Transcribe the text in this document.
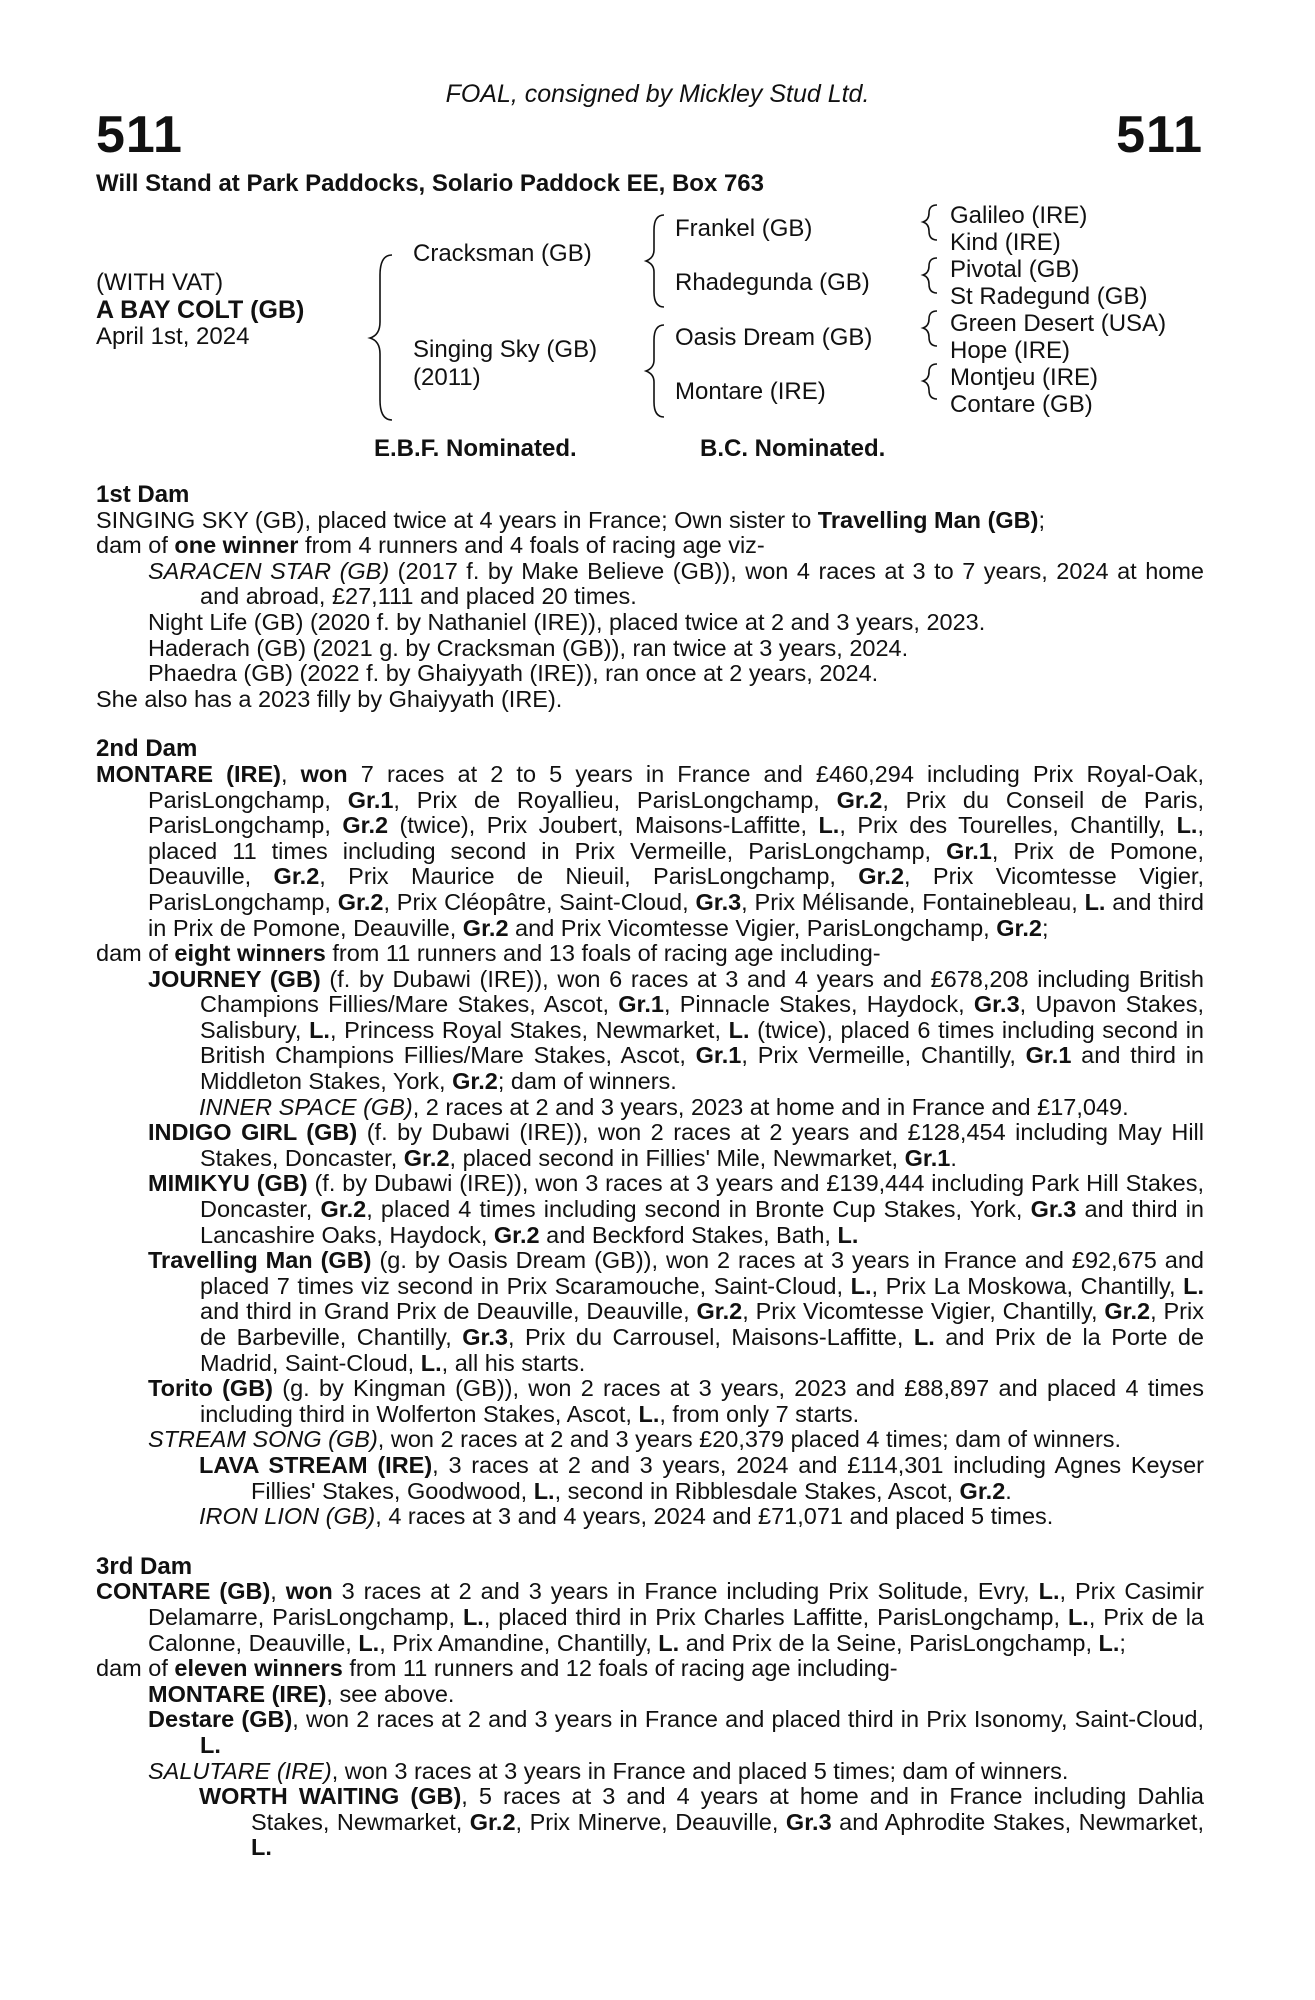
FOAL, consigned by Mickley Stud Ltd.
511	511
Will Stand at Park Paddocks, Solario Paddock EE, Box 763
(WITH VAT)
A BAY COLT (GB)
April 1st, 2024
Cracksman (GB)
Singing Sky (GB)
(2011)
Frankel (GB)
Rhadegunda (GB)
Oasis Dream (GB)
Montare (IRE)
Galileo (IRE)
Kind (IRE)
Pivotal (GB)
St Radegund (GB)
Green Desert (USA)
Hope (IRE)
Montjeu (IRE)
Contare (GB)
E.B.F. Nominated.	B.C. Nominated.
1st Dam

SINGING SKY (GB), placed twice at 4 years in France; Own sister to Travelling Man (GB);

dam of one winner from 4 runners and 4 foals of racing age viz-

SARACEN STAR (GB) (2017 f. by Make Believe (GB)), won 4 races at 3 to 7 years, 2024 at home and abroad, £27,111 and placed 20 times.

Night Life (GB) (2020 f. by Nathaniel (IRE)), placed twice at 2 and 3 years, 2023.

Haderach (GB) (2021 g. by Cracksman (GB)), ran twice at 3 years, 2024.

Phaedra (GB) (2022 f. by Ghaiyyath (IRE)), ran once at 2 years, 2024.

She also has a 2023 filly by Ghaiyyath (IRE).

2nd Dam

MONTARE (IRE), won 7 races at 2 to 5 years in France and £460,294 including Prix Royal-Oak, ParisLongchamp, Gr.1, Prix de Royallieu, ParisLongchamp, Gr.2, Prix du Conseil de Paris, ParisLongchamp, Gr.2 (twice), Prix Joubert, Maisons-Laffitte, L., Prix des Tourelles, Chantilly, L., placed 11 times including second in Prix Vermeille, ParisLongchamp, Gr.1, Prix de Pomone, Deauville, Gr.2, Prix Maurice de Nieuil, ParisLongchamp, Gr.2, Prix Vicomtesse Vigier, ParisLongchamp, Gr.2, Prix Cléopâtre, Saint-Cloud, Gr.3, Prix Mélisande, Fontainebleau, L. and third in Prix de Pomone, Deauville, Gr.2 and Prix Vicomtesse Vigier, ParisLongchamp, Gr.2;

dam of eight winners from 11 runners and 13 foals of racing age including-

JOURNEY (GB) (f. by Dubawi (IRE)), won 6 races at 3 and 4 years and £678,208 including British Champions Fillies/Mare Stakes, Ascot, Gr.1, Pinnacle Stakes, Haydock, Gr.3, Upavon Stakes, Salisbury, L., Princess Royal Stakes, Newmarket, L. (twice), placed 6 times including second in British Champions Fillies/Mare Stakes, Ascot, Gr.1, Prix Vermeille, Chantilly, Gr.1 and third in Middleton Stakes, York, Gr.2; dam of winners.

INNER SPACE (GB), 2 races at 2 and 3 years, 2023 at home and in France and £17,049.

INDIGO GIRL (GB) (f. by Dubawi (IRE)), won 2 races at 2 years and £128,454 including May Hill Stakes, Doncaster, Gr.2, placed second in Fillies' Mile, Newmarket, Gr.1.

MIMIKYU (GB) (f. by Dubawi (IRE)), won 3 races at 3 years and £139,444 including Park Hill Stakes, Doncaster, Gr.2, placed 4 times including second in Bronte Cup Stakes, York, Gr.3 and third in Lancashire Oaks, Haydock, Gr.2 and Beckford Stakes, Bath, L.

Travelling Man (GB) (g. by Oasis Dream (GB)), won 2 races at 3 years in France and £92,675 and placed 7 times viz second in Prix Scaramouche, Saint-Cloud, L., Prix La Moskowa, Chantilly, L. and third in Grand Prix de Deauville, Deauville, Gr.2, Prix Vicomtesse Vigier, Chantilly, Gr.2, Prix de Barbeville, Chantilly, Gr.3, Prix du Carrousel, Maisons-Laffitte, L. and Prix de la Porte de Madrid, Saint-Cloud, L., all his starts.

Torito (GB) (g. by Kingman (GB)), won 2 races at 3 years, 2023 and £88,897 and placed 4 times including third in Wolferton Stakes, Ascot, L., from only 7 starts.

STREAM SONG (GB), won 2 races at 2 and 3 years £20,379 placed 4 times; dam of winners.

LAVA STREAM (IRE), 3 races at 2 and 3 years, 2024 and £114,301 including Agnes Keyser Fillies' Stakes, Goodwood, L., second in Ribblesdale Stakes, Ascot, Gr.2.

IRON LION (GB), 4 races at 3 and 4 years, 2024 and £71,071 and placed 5 times.

3rd Dam

CONTARE (GB), won 3 races at 2 and 3 years in France including Prix Solitude, Evry, L., Prix Casimir Delamarre, ParisLongchamp, L., placed third in Prix Charles Laffitte, ParisLongchamp, L., Prix de la Calonne, Deauville, L., Prix Amandine, Chantilly, L. and Prix de la Seine, ParisLongchamp, L.;

dam of eleven winners from 11 runners and 12 foals of racing age including-

MONTARE (IRE), see above.

Destare (GB), won 2 races at 2 and 3 years in France and placed third in Prix Isonomy, Saint-Cloud, L.

SALUTARE (IRE), won 3 races at 3 years in France and placed 5 times; dam of winners.

WORTH WAITING (GB), 5 races at 3 and 4 years at home and in France including Dahlia Stakes, Newmarket, Gr.2, Prix Minerve, Deauville, Gr.3 and Aphrodite Stakes, Newmarket, L.
